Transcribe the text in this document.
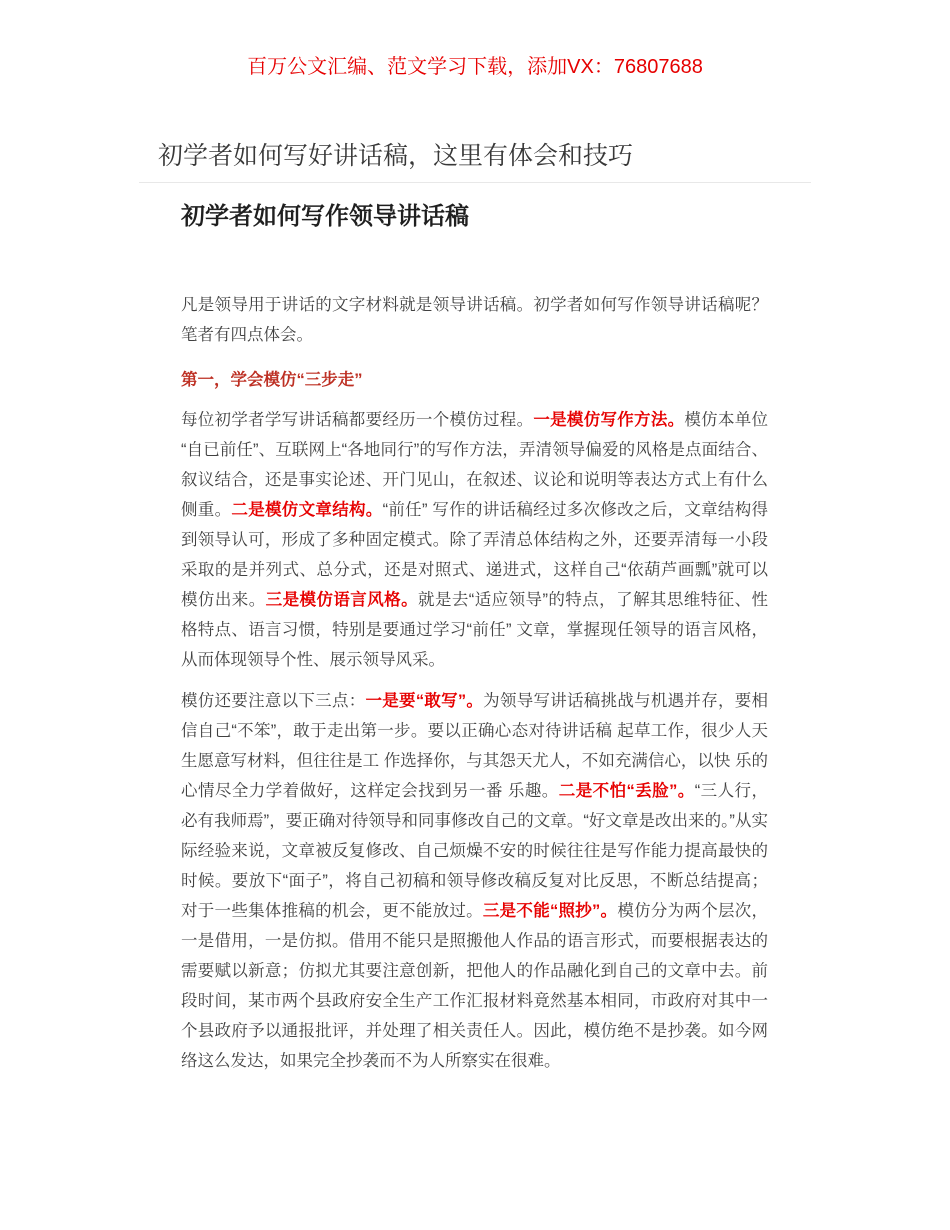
百万公文汇编、范文学习下载，添加VX：76807688
初学者如何写好讲话稿，这里有体会和技巧
初学者如何写作领导讲话稿

凡是领导用于讲话的文字材料就是领导讲话稿。初学者如何写作领导讲话稿呢？笔者有四点体会。

第一，学会模仿“三步走”

每位初学者学写讲话稿都要经历一个模仿过程。一是模仿写作方法。模仿本单位“自已前任”、互联网上“各地同行”的写作方法，弄清领导偏爱的风格是点面结合、叙议结合，还是事实论述、开门见山，在叙述、议论和说明等表达方式上有什么侧重。二是模仿文章结构。“前任” 写作的讲话稿经过多次修改之后，文章结构得到领导认可，形成了多种固定模式。除了弄清总体结构之外，还要弄清每一小段采取的是并列式、总分式，还是对照式、递进式，这样自己“依葫芦画瓢”就可以模仿出来。三是模仿语言风格。就是去“适应领导”的特点，了解其思维特征、性格特点、语言习惯，特别是要通过学习“前任” 文章，掌握现任领导的语言风格，从而体现领导个性、展示领导风采。

模仿还要注意以下三点：一是要“敢写”。为领导写讲话稿挑战与机遇并存，要相信自己“不笨”，敢于走出第一步。要以正确心态对待讲话稿 起草工作，很少人天生愿意写材料，但往往是工 作选择你，与其怨天尤人，不如充满信心，以快 乐的心情尽全力学着做好，这样定会找到另一番 乐趣。二是不怕“丢脸”。“三人行，必有我师焉”，要正确对待领导和同事修改自己的文章。“好文章是改出来的。”从实际经验来说，文章被反复修改、自己烦燥不安的时候往往是写作能力提高最快的时候。要放下“面子”，将自己初稿和领导修改稿反复对比反思，不断总结提高；对于一些集体推稿的机会，更不能放过。三是不能“照抄”。模仿分为两个层次，一是借用，一是仿拟。借用不能只是照搬他人作品的语言形式，而要根据表达的需要赋以新意；仿拟尤其要注意创新，把他人的作品融化到自己的文章中去。前段时间，某市两个县政府安全生产工作汇报材料竟然基本相同，市政府对其中一个县政府予以通报批评，并处理了相关责任人。因此，模仿绝不是抄袭。如今网络这么发达，如果完全抄袭而不为人所察实在很难。
